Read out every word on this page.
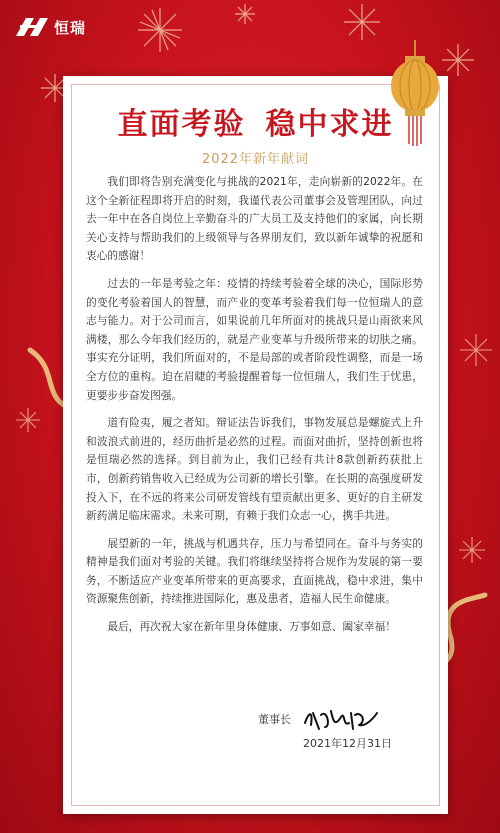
恒瑞
直面考验 稳中求进
2022年新年献词

我们即将告别充满变化与挑战的2021年，走向崭新的2022年。在这个全新征程即将开启的时刻，我谨代表公司董事会及管理团队，向过去一年中在各自岗位上辛勤奋斗的广大员工及支持他们的家属，向长期关心支持与帮助我们的上级领导与各界朋友们，致以新年诚挚的祝愿和衷心的感谢！

过去的一年是考验之年：疫情的持续考验着全球的决心，国际形势的变化考验着国人的智慧，而产业的变革考验着我们每一位恒瑞人的意志与能力。对于公司而言，如果说前几年所面对的挑战只是山雨欲来风满楼，那么今年我们经历的，就是产业变革与升级所带来的切肤之痛。事实充分证明，我们所面对的，不是局部的或者阶段性调整，而是一场全方位的重构。迫在眉睫的考验提醒着每一位恒瑞人，我们生于忧患，更要步步奋发图强。

道有险夷，履之者知。辩证法告诉我们，事物发展总是螺旋式上升和波浪式前进的，经历曲折是必然的过程。而面对曲折，坚持创新也将是恒瑞必然的选择。到目前为止，我们已经有共计8款创新药获批上市，创新药销售收入已经成为公司新的增长引擎。在长期的高强度研发投入下，在不远的将来公司研发管线有望贡献出更多、更好的自主研发新药满足临床需求。未来可期，有赖于我们众志一心，携手共进。

展望新的一年，挑战与机遇共存，压力与希望同在。奋斗与务实的精神是我们面对考验的关键。我们将继续坚持将合规作为发展的第一要务，不断适应产业变革所带来的更高要求，直面挑战，稳中求进，集中资源聚焦创新，持续推进国际化，惠及患者，造福人民生命健康。

最后，再次祝大家在新年里身体健康、万事如意、阖家幸福！

董事长
2021年12月31日
